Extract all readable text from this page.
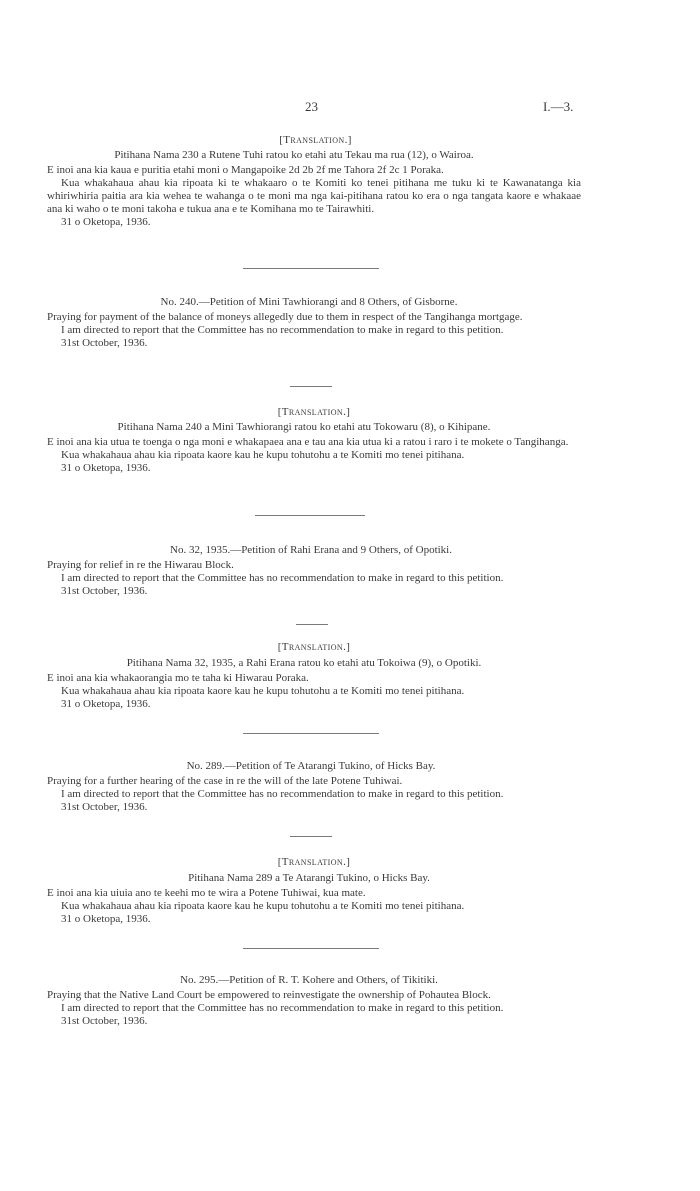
23	I.—3.
[Translation.]
Pitihana Nama 230 a Rutene Tuhi ratou ko etahi atu Tekau ma rua (12), o Wairoa.

E inoi ana kia kaua e puritia etahi moni o Mangapoike 2d 2b 2f me Tahora 2f 2c 1 Poraka.

Kua whakahaua ahau kia ripoata ki te whakaaro o te Komiti ko tenei pitihana me tuku ki te Kawanatanga kia whiriwhiria paitia ara kia wehea te wahanga o te moni ma nga kai-pitihana ratou ko era o nga tangata kaore e whakaae ana ki waho o te moni takoha e tukua ana e te Komihana mo te Tairawhiti.

31 o Oketopa, 1936.
No. 240.—Petition of Mini Tawhiorangi and 8 Others, of Gisborne.

Praying for payment of the balance of moneys allegedly due to them in respect of the Tangihanga mortgage.

I am directed to report that the Committee has no recommendation to make in regard to this petition.

31st October, 1936.
[Translation.]
Pitihana Nama 240 a Mini Tawhiorangi ratou ko etahi atu Tokowaru (8), o Kihipane.

E inoi ana kia utua te toenga o nga moni e whakapaea ana e tau ana kia utua ki a ratou i raro i te mokete o Tangihanga.

Kua whakahaua ahau kia ripoata kaore kau he kupu tohutohu a te Komiti mo tenei pitihana.

31 o Oketopa, 1936.
No. 32, 1935.—Petition of Rahi Erana and 9 Others, of Opotiki.

Praying for relief in re the Hiwarau Block.

I am directed to report that the Committee has no recommendation to make in regard to this petition.

31st October, 1936.
[Translation.]
Pitihana Nama 32, 1935, a Rahi Erana ratou ko etahi atu Tokoiwa (9), o Opotiki.

E inoi ana kia whakaorangia mo te taha ki Hiwarau Poraka.

Kua whakahaua ahau kia ripoata kaore kau he kupu tohutohu a te Komiti mo tenei pitihana.

31 o Oketopa, 1936.
No. 289.—Petition of Te Atarangi Tukino, of Hicks Bay.

Praying for a further hearing of the case in re the will of the late Potene Tuhiwai.

I am directed to report that the Committee has no recommendation to make in regard to this petition.

31st October, 1936.
[Translation.]
Pitihana Nama 289 a Te Atarangi Tukino, o Hicks Bay.

E inoi ana kia uiuia ano te keehi mo te wira a Potene Tuhiwai, kua mate.

Kua whakahaua ahau kia ripoata kaore kau he kupu tohutohu a te Komiti mo tenei pitihana.

31 o Oketopa, 1936.
No. 295.—Petition of R. T. Kohere and Others, of Tikitiki.

Praying that the Native Land Court be empowered to reinvestigate the ownership of Pohautea Block.

I am directed to report that the Committee has no recommendation to make in regard to this petition.

31st October, 1936.
